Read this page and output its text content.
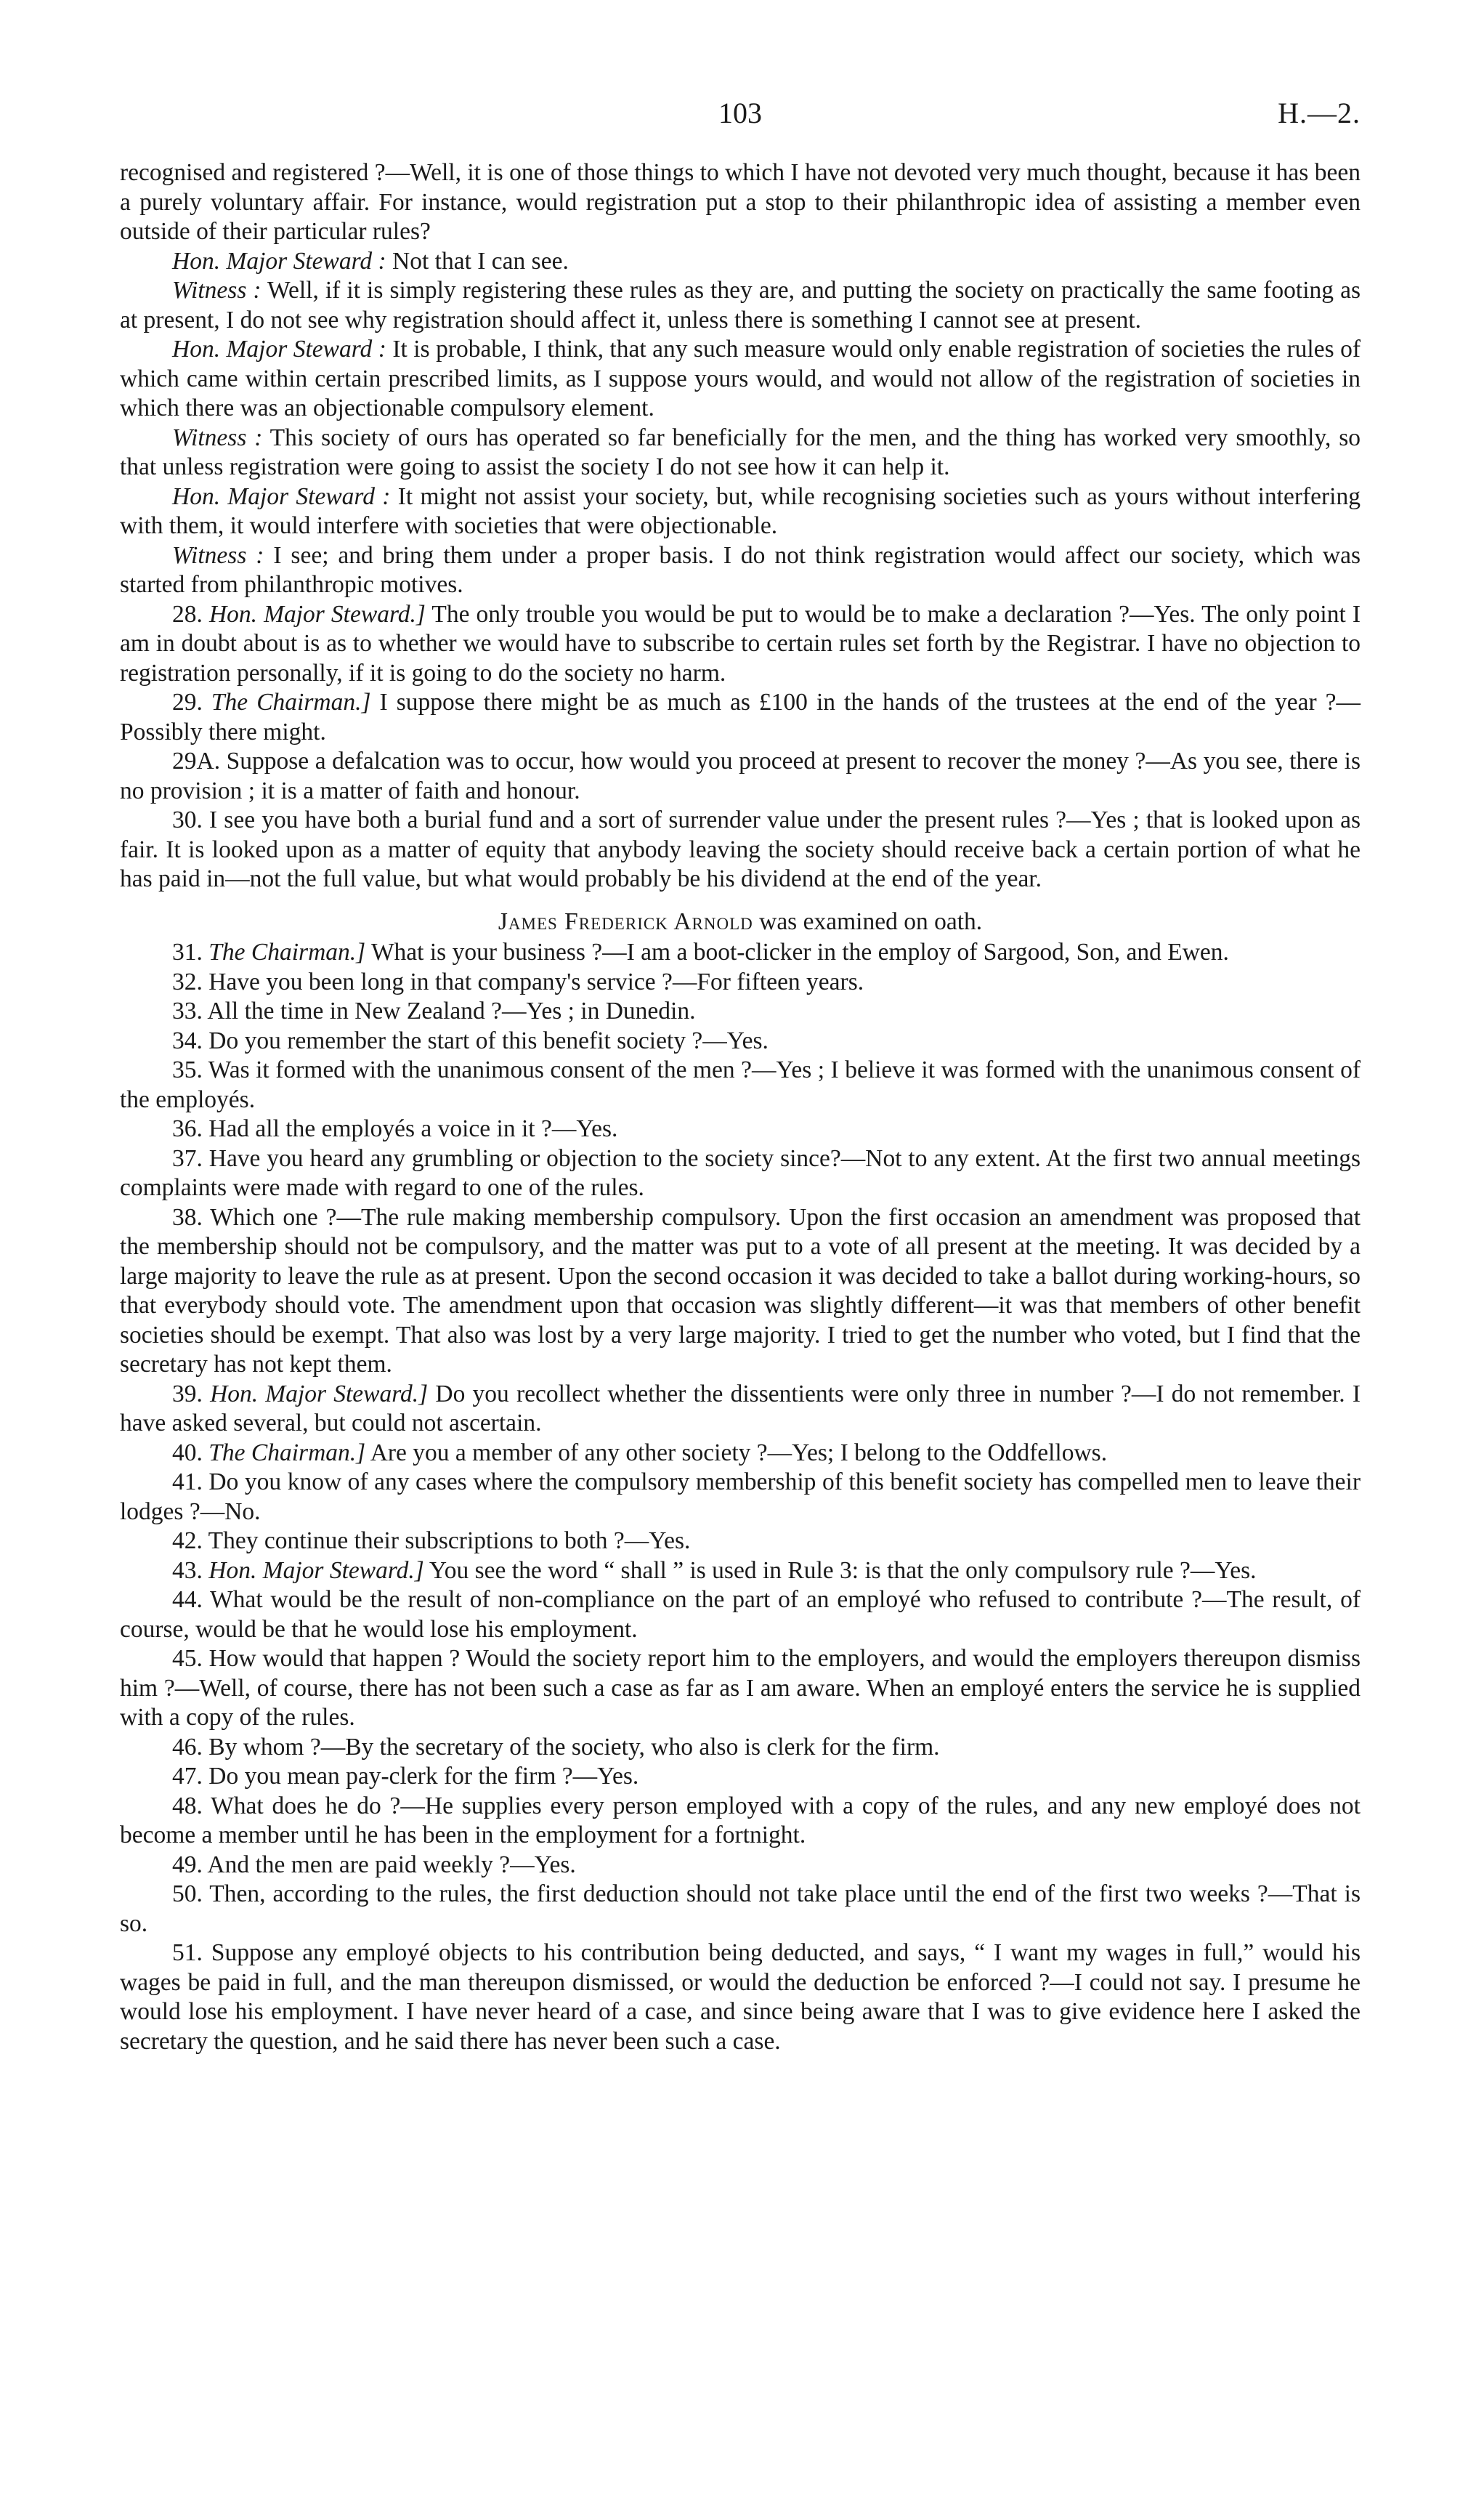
103	H.—2.

recognised and registered ?—Well, it is one of those things to which I have not devoted very much thought, because it has been a purely voluntary affair. For instance, would registration put a stop to their philanthropic idea of assisting a member even outside of their particular rules?

Hon. Major Steward : Not that I can see.

Witness : Well, if it is simply registering these rules as they are, and putting the society on practically the same footing as at present, I do not see why registration should affect it, unless there is something I cannot see at present.

Hon. Major Steward : It is probable, I think, that any such measure would only enable registration of societies the rules of which came within certain prescribed limits, as I suppose yours would, and would not allow of the registration of societies in which there was an objectionable compulsory element.

Witness : This society of ours has operated so far beneficially for the men, and the thing has worked very smoothly, so that unless registration were going to assist the society I do not see how it can help it.

Hon. Major Steward : It might not assist your society, but, while recognising societies such as yours without interfering with them, it would interfere with societies that were objectionable.

Witness : I see; and bring them under a proper basis. I do not think registration would affect our society, which was started from philanthropic motives.

28. Hon. Major Steward.] The only trouble you would be put to would be to make a declaration ?—Yes. The only point I am in doubt about is as to whether we would have to subscribe to certain rules set forth by the Registrar. I have no objection to registration personally, if it is going to do the society no harm.

29. The Chairman.] I suppose there might be as much as £100 in the hands of the trustees at the end of the year ?—Possibly there might.

29A. Suppose a defalcation was to occur, how would you proceed at present to recover the money ?—As you see, there is no provision ; it is a matter of faith and honour.

30. I see you have both a burial fund and a sort of surrender value under the present rules ?—Yes ; that is looked upon as fair. It is looked upon as a matter of equity that anybody leaving the society should receive back a certain portion of what he has paid in—not the full value, but what would probably be his dividend at the end of the year.

James Frederick Arnold was examined on oath.

31. The Chairman.] What is your business ?—I am a boot-clicker in the employ of Sargood, Son, and Ewen.

32. Have you been long in that company's service ?—For fifteen years.

33. All the time in New Zealand ?—Yes ; in Dunedin.

34. Do you remember the start of this benefit society ?—Yes.

35. Was it formed with the unanimous consent of the men ?—Yes ; I believe it was formed with the unanimous consent of the employés.

36. Had all the employés a voice in it ?—Yes.

37. Have you heard any grumbling or objection to the society since?—Not to any extent. At the first two annual meetings complaints were made with regard to one of the rules.

38. Which one ?—The rule making membership compulsory. Upon the first occasion an amendment was proposed that the membership should not be compulsory, and the matter was put to a vote of all present at the meeting. It was decided by a large majority to leave the rule as at present. Upon the second occasion it was decided to take a ballot during working-hours, so that everybody should vote. The amendment upon that occasion was slightly different—it was that members of other benefit societies should be exempt. That also was lost by a very large majority. I tried to get the number who voted, but I find that the secretary has not kept them.

39. Hon. Major Steward.] Do you recollect whether the dissentients were only three in number ?—I do not remember. I have asked several, but could not ascertain.

40. The Chairman.] Are you a member of any other society ?—Yes; I belong to the Oddfellows.

41. Do you know of any cases where the compulsory membership of this benefit society has compelled men to leave their lodges ?—No.

42. They continue their subscriptions to both ?—Yes.

43. Hon. Major Steward.] You see the word “ shall ” is used in Rule 3: is that the only compulsory rule ?—Yes.

44. What would be the result of non-compliance on the part of an employé who refused to contribute ?—The result, of course, would be that he would lose his employment.

45. How would that happen ? Would the society report him to the employers, and would the employers thereupon dismiss him ?—Well, of course, there has not been such a case as far as I am aware. When an employé enters the service he is supplied with a copy of the rules.

46. By whom ?—By the secretary of the society, who also is clerk for the firm.

47. Do you mean pay-clerk for the firm ?—Yes.

48. What does he do ?—He supplies every person employed with a copy of the rules, and any new employé does not become a member until he has been in the employment for a fortnight.

49. And the men are paid weekly ?—Yes.

50. Then, according to the rules, the first deduction should not take place until the end of the first two weeks ?—That is so.

51. Suppose any employé objects to his contribution being deducted, and says, “ I want my wages in full,” would his wages be paid in full, and the man thereupon dismissed, or would the deduction be enforced ?—I could not say. I presume he would lose his employment. I have never heard of a case, and since being aware that I was to give evidence here I asked the secretary the question, and he said there has never been such a case.
